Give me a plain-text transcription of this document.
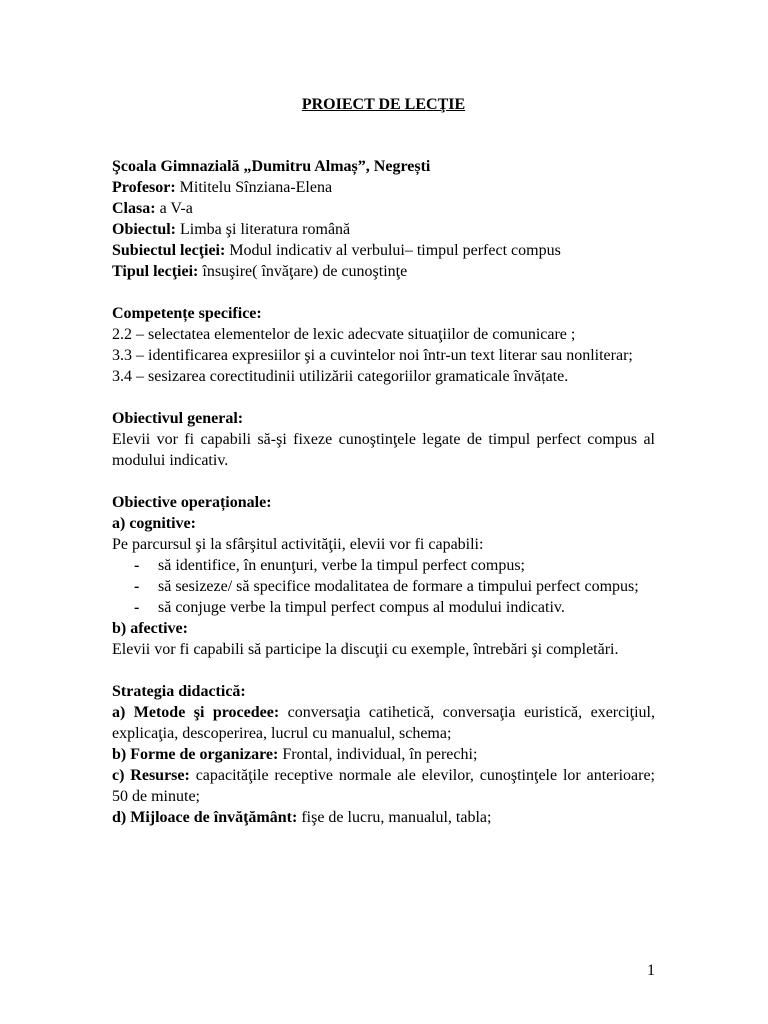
PROIECT DE LECŢIE
Şcoala Gimnazială „Dumitru Almaș”, Negrești
Profesor: Mititelu Sînziana-Elena
Clasa: a V-a
Obiectul: Limba şi literatura română
Subiectul lecţiei: Modul indicativ al verbului– timpul perfect compus
Tipul lecţiei: însuşire( învăţare) de cunoştinţe
Competențe specifice:
2.2 – selectatea elementelor de lexic adecvate situaţiilor de comunicare ;
3.3 – identificarea expresiilor şi a cuvintelor noi într-un text literar sau nonliterar;
3.4 – sesizarea corectitudinii utilizării categoriilor gramaticale învățate.
Obiectivul general:
Elevii vor fi capabili să-şi fixeze cunoştinţele legate de timpul perfect compus al modului indicativ.
Obiective operaționale:
a) cognitive:
Pe parcursul şi la sfârşitul activităţii, elevii vor fi capabili:
- să identifice, în enunţuri, verbe la timpul perfect compus;
- să sesizeze/ să specifice modalitatea de formare a timpului perfect compus;
- să conjuge verbe la timpul perfect compus al modului indicativ.
b) afective:
Elevii vor fi capabili să participe la discuţii cu exemple, întrebări şi completări.
Strategia didactică:
a) Metode şi procedee: conversaţia catihetică, conversaţia euristică, exerciţiul, explicaţia, descoperirea, lucrul cu manualul, schema;
b) Forme de organizare: Frontal, individual, în perechi;
c) Resurse: capacităţile receptive normale ale elevilor, cunoştinţele lor anterioare; 50 de minute;
d) Mijloace de învăţământ: fişe de lucru, manualul, tabla;
1
